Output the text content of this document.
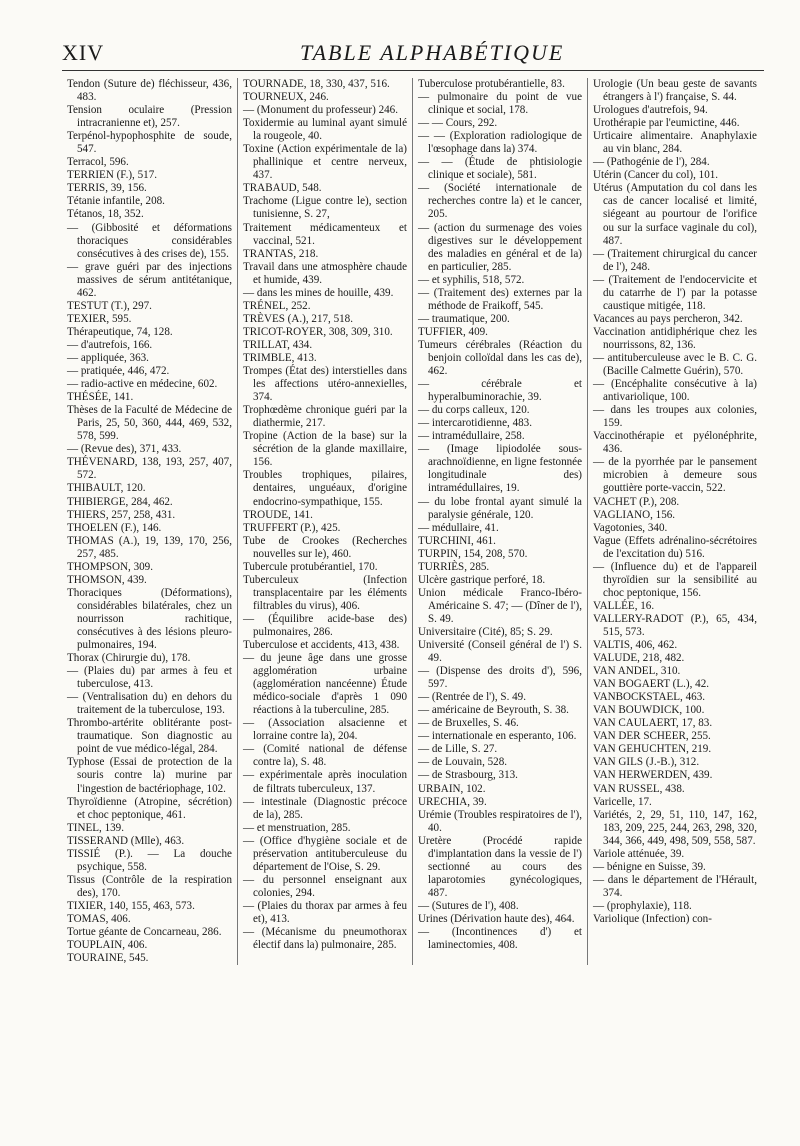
XIV	TABLE ALPHABÉTIQUE
Tendon (Suture de) fléchisseur, 436, 483.
Tension oculaire (Pression intracranienne et), 257.
Terpénol-hypophosphite de soude, 547.
Terracol, 596.
TERRIEN (F.), 517.
TERRIS, 39, 156.
Tétanie infantile, 208.
Tétanos, 18, 352.
— (Gibbosité et déformations thoraciques considérables consécutives à des crises de), 155.
— grave guéri par des injections massives de sérum antitétanique, 462.
TESTUT (T.), 297.
TEXIER, 595.
Thérapeutique, 74, 128.
— d'autrefois, 166.
— appliquée, 363.
— pratiquée, 446, 472.
— radio-active en médecine, 602.
THÉSÉE, 141.
Thèses de la Faculté de Médecine de Paris, 25, 50, 360, 444, 469, 532, 578, 599.
— (Revue des), 371, 433.
THÉVENARD, 138, 193, 257, 407, 572.
THIBAULT, 120.
THIBIERGE, 284, 462.
THIERS, 257, 258, 431.
THOELEN (F.), 146.
THOMAS (A.), 19, 139, 170, 256, 257, 485.
THOMPSON, 309.
THOMSON, 439.
Thoraciques (Déformations), considérables bilatérales, chez un nourrisson rachitique, consécutives à des lésions pleuro-pulmonaires, 194.
Thorax (Chirurgie du), 178.
— (Plaies du) par armes à feu et tuberculose, 413.
— (Ventralisation du) en dehors du traitement de la tuberculose, 193.
Thrombo-artérite oblitérante post-traumatique. Son diagnostic au point de vue médico-légal, 284.
Typhose (Essai de protection de la souris contre la) murine par l'ingestion de bactériophage, 102.
Thyroïdienne (Atropine, sécrétion) et choc peptonique, 461.
TINEL, 139.
TISSERAND (Mlle), 463.
TISSIÉ (P.). — La douche psychique, 558.
Tissus (Contrôle de la respiration des), 170.
TIXIER, 140, 155, 463, 573.
TOMAS, 406.
Tortue géante de Concarneau, 286.
TOUPLAIN, 406.
TOURAINE, 545.
TOURNADE, 18, 330, 437, 516.
TOURNEUX, 246.
— (Monument du professeur) 246.
Toxidermie au luminal ayant simulé la rougeole, 40.
Toxine (Action expérimentale de la) phallinique et centre nerveux, 437.
TRABAUD, 548.
Trachome (Ligue contre le), section tunisienne, S. 27,
Traitement médicamenteux et vaccinal, 521.
TRANTAS, 218.
Travail dans une atmosphère chaude et humide, 439.
— dans les mines de houille, 439.
TRÉNEL, 252.
TRÈVES (A.), 217, 518.
TRICOT-ROYER, 308, 309, 310.
TRILLAT, 434.
TRIMBLE, 413.
Trompes (État des) interstielles dans les affections utéro-annexielles, 374.
Trophœdème chronique guéri par la diathermie, 217.
Tropine (Action de la base) sur la sécrétion de la glande maxillaire, 156.
Troubles trophiques, pilaires, dentaires, unguéaux, d'origine endocrino-sympathique, 155.
TROUDE, 141.
TRUFFERT (P.), 425.
Tube de Crookes (Recherches nouvelles sur le), 460.
Tubercule protubérantiel, 170.
Tuberculeux (Infection transplacentaire par les éléments filtrables du virus), 406.
— (Équilibre acide-base des) pulmonaires, 286.
Tuberculose et accidents, 413, 438.
— du jeune âge dans une grosse agglomération urbaine (agglomération nancéenne) Étude médico-sociale d'après 1 090 réactions à la tuberculine, 285.
— (Association alsacienne et lorraine contre la), 204.
— (Comité national de défense contre la), S. 48.
— expérimentale après inoculation de filtrats tuberculeux, 137.
— intestinale (Diagnostic précoce de la), 285.
— et menstruation, 285.
— (Office d'hygiène sociale et de préservation antituberculeuse du département de l'Oise, S. 29.
— du personnel enseignant aux colonies, 294.
— (Plaies du thorax par armes à feu et), 413.
— (Mécanisme du pneumothorax électif dans la) pulmonaire, 285.
Tuberculose protubérantielle, 83.
— pulmonaire du point de vue clinique et social, 178.
— — Cours, 292.
— — (Exploration radiologique de l'œsophage dans la) 374.
— — (Étude de phtisiologie clinique et sociale), 581.
— (Société internationale de recherches contre la) et le cancer, 205.
— (action du surmenage des voies digestives sur le développement des maladies en général et de la) en particulier, 285.
— et syphilis, 518, 572.
— (Traitement des) externes par la méthode de Fraikoff, 545.
— traumatique, 200.
TUFFIER, 409.
Tumeurs cérébrales (Réaction du benjoin colloïdal dans les cas de), 462.
— cérébrale et hyperalbuminorachie, 39.
— du corps calleux, 120.
— intercarotidienne, 483.
— intramédullaire, 258.
— (Image lipiodolée sous-arachnoïdienne, en ligne festonnée longitudinale des) intramédullaires, 19.
— du lobe frontal ayant simulé la paralysie générale, 120.
— médullaire, 41.
TURCHINI, 461.
TURPIN, 154, 208, 570.
TURRIÈS, 285.
Ulcère gastrique perforé, 18.
Union médicale Franco-Ibéro-Américaine S. 47; — (Dîner de l'), S. 49.
Universitaire (Cité), 85; S. 29.
Université (Conseil général de l') S. 49.
— (Dispense des droits d'), 596, 597.
— (Rentrée de l'), S. 49.
— américaine de Beyrouth, S. 38.
— de Bruxelles, S. 46.
— internationale en esperanto, 106.
— de Lille, S. 27.
— de Louvain, 528.
— de Strasbourg, 313.
URBAIN, 102.
URECHIA, 39.
Urémie (Troubles respiratoires de l'), 40.
Uretère (Procédé rapide d'implantation dans la vessie de l') sectionné au cours des laparotomies gynécologiques, 487.
— (Sutures de l'), 408.
Urines (Dérivation haute des), 464.
— (Incontinences d') et laminectomies, 408.
Urologie (Un beau geste de savants étrangers à l') française, S. 44.
Urologues d'autrefois, 94.
Urothérapie par l'eumictine, 446.
Urticaire alimentaire. Anaphylaxie au vin blanc, 284.
— (Pathogénie de l'), 284.
Utérin (Cancer du col), 101.
Utérus (Amputation du col dans les cas de cancer localisé et limité, siégeant au pourtour de l'orifice ou sur la surface vaginale du col), 487.
— (Traitement chirurgical du cancer de l'), 248.
— (Traitement de l'endocervicite et du catarrhe de l') par la potasse caustique mitigée, 118.
Vacances au pays percheron, 342.
Vaccination antidiphérique chez les nourrissons, 82, 136.
— antituberculeuse avec le B. C. G. (Bacille Calmette Guérin), 570.
— (Encéphalite consécutive à la) antivariolique, 100.
— dans les troupes aux colonies, 159.
Vaccinothérapie et pyélonéphrite, 436.
— de la pyorrhée par le pansement microbien à demeure sous gouttière porte-vaccin, 522.
VACHET (P.), 208.
VAGLIANO, 156.
Vagotonies, 340.
Vague (Effets adrénalino-sécrétoires de l'excitation du) 516.
— (Influence du) et de l'appareil thyroïdien sur la sensibilité au choc peptonique, 156.
VALLÉE, 16.
VALLERY-RADOT (P.), 65, 434, 515, 573.
VALTIS, 406, 462.
VALUDE, 218, 482.
VAN ANDEL, 310.
VAN BOGAERT (L.), 42.
VANBOCKSTAEL, 463.
VAN BOUWDICK, 100.
VAN CAULAERT, 17, 83.
VAN DER SCHEER, 255.
VAN GEHUCHTEN, 219.
VAN GILS (J.-B.), 312.
VAN HERWERDEN, 439.
VAN RUSSEL, 438.
Varicelle, 17.
Variétés, 2, 29, 51, 110, 147, 162, 183, 209, 225, 244, 263, 298, 320, 344, 366, 449, 498, 509, 558, 587.
Variole atténuée, 39.
— bénigne en Suisse, 39.
— dans le département de l'Hérault, 374.
— (prophylaxie), 118.
Variolique (Infection) con-
